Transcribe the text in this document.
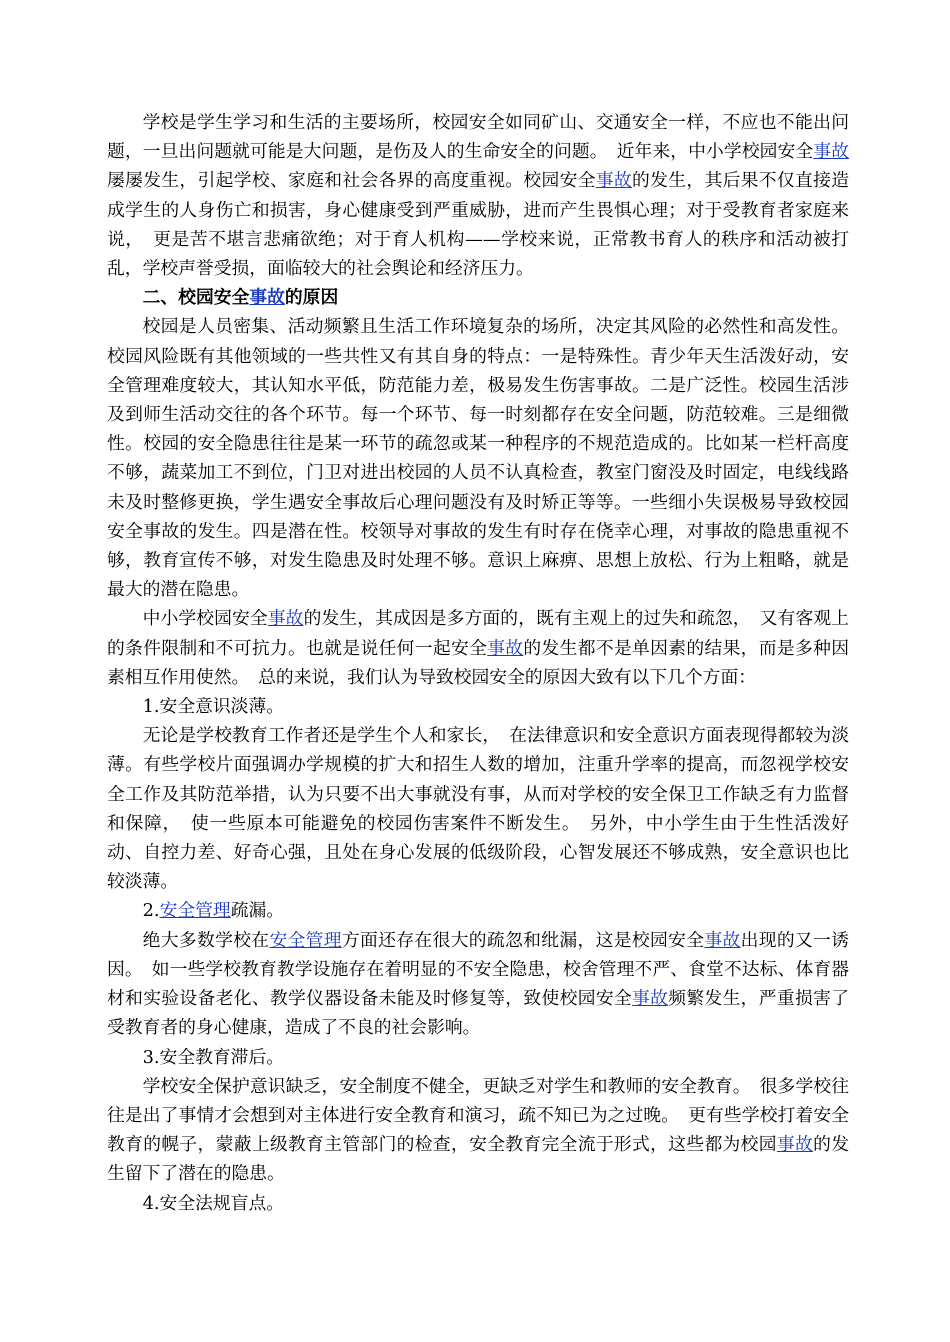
学校是学生学习和生活的主要场所，校园安全如同矿山、交通安全一样，不应也不能出问题，一旦出问题就可能是大问题，是伤及人的生命安全的问题。　近年来，中小学校园安全事故屡屡发生，引起学校、家庭和社会各界的高度重视。校园安全事故的发生，其后果不仅直接造成学生的人身伤亡和损害，身心健康受到严重威胁，进而产生畏惧心理；对于受教育者家庭来说，　更是苦不堪言悲痛欲绝；对于育人机构——学校来说，正常教书育人的秩序和活动被打乱，学校声誉受损，面临较大的社会舆论和经济压力。

二、校园安全事故的原因

校园是人员密集、活动频繁且生活工作环境复杂的场所，决定其风险的必然性和高发性。校园风险既有其他领域的一些共性又有其自身的特点：一是特殊性。青少年天生活泼好动，安全管理难度较大，其认知水平低，防范能力差，极易发生伤害事故。二是广泛性。校园生活涉及到师生活动交往的各个环节。每一个环节、每一时刻都存在安全问题，防范较难。三是细微性。校园的安全隐患往往是某一环节的疏忽或某一种程序的不规范造成的。比如某一栏杆高度不够，蔬菜加工不到位，门卫对进出校园的人员不认真检查，教室门窗没及时固定，电线线路未及时整修更换，学生遇安全事故后心理问题没有及时矫正等等。一些细小失误极易导致校园安全事故的发生。四是潜在性。校领导对事故的发生有时存在侥幸心理，对事故的隐患重视不够，教育宣传不够，对发生隐患及时处理不够。意识上麻痹、思想上放松、行为上粗略，就是最大的潜在隐患。

中小学校园安全事故的发生，其成因是多方面的，既有主观上的过失和疏忽，　又有客观上的条件限制和不可抗力。也就是说任何一起安全事故的发生都不是单因素的结果，而是多种因素相互作用使然。　总的来说，我们认为导致校园安全的原因大致有以下几个方面：

1.安全意识淡薄。

无论是学校教育工作者还是学生个人和家长，　在法律意识和安全意识方面表现得都较为淡薄。有些学校片面强调办学规模的扩大和招生人数的增加，注重升学率的提高，而忽视学校安全工作及其防范举措，认为只要不出大事就没有事，从而对学校的安全保卫工作缺乏有力监督和保障，　使一些原本可能避免的校园伤害案件不断发生。　另外，中小学生由于生性活泼好动、自控力差、好奇心强，且处在身心发展的低级阶段，心智发展还不够成熟，安全意识也比较淡薄。

2.安全管理疏漏。

绝大多数学校在安全管理方面还存在很大的疏忽和纰漏，这是校园安全事故出现的又一诱因。　如一些学校教育教学设施存在着明显的不安全隐患，校舍管理不严、食堂不达标、体育器材和实验设备老化、教学仪器设备未能及时修复等，致使校园安全事故频繁发生，严重损害了受教育者的身心健康，造成了不良的社会影响。

3.安全教育滞后。

学校安全保护意识缺乏，安全制度不健全，更缺乏对学生和教师的安全教育。　很多学校往往是出了事情才会想到对主体进行安全教育和演习，疏不知已为之过晚。　更有些学校打着安全教育的幌子，蒙蔽上级教育主管部门的检查，安全教育完全流于形式，这些都为校园事故的发生留下了潜在的隐患。

4.安全法规盲点。
